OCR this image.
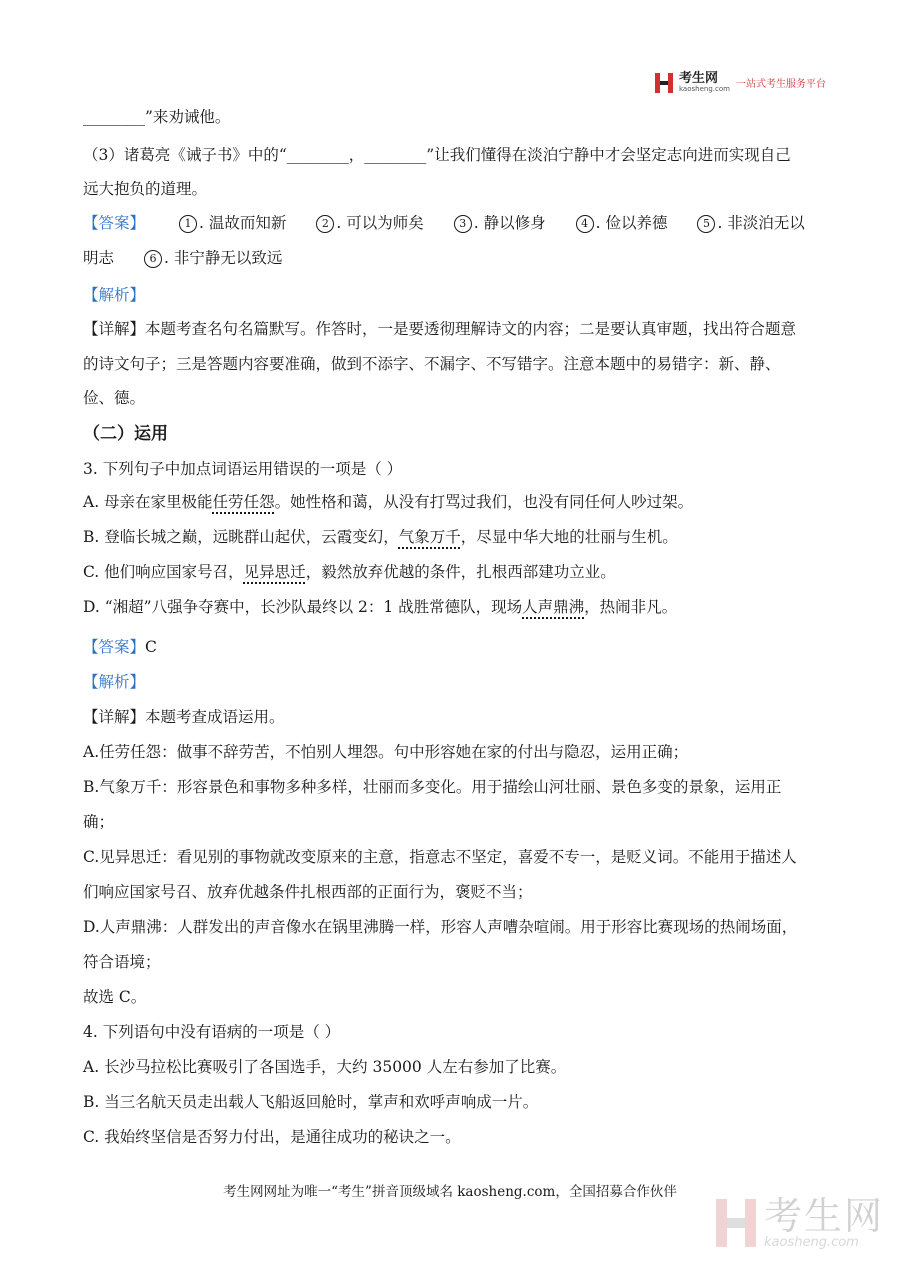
考生网
kaosheng.com 一站式考生服务平台
________”来劝诫他。
（3）诸葛亮《诫子书》中的“________，________”让我们懂得在淡泊宁静中才会坚定志向进而实现自己
远大抱负的道理。
【答案】	1 . 温故而知新	2 . 可以为师矣	3 . 静以修身	4 . 俭以养德	5 . 非淡泊无以
明志	6 . 非宁静无以致远
【解析】
【详解】本题考查名句名篇默写。作答时，一是要透彻理解诗文的内容；二是要认真审题，找出符合题意
的诗文句子；三是答题内容要准确，做到不添字、不漏字、不写错字。注意本题中的易错字：新、静、
俭、德。
（二）运用
3. 下列句子中加点词语运用错误的一项是（ ）
A. 母亲在家里极能任劳任怨。她性格和蔼，从没有打骂过我们，也没有同任何人吵过架。
B. 登临长城之巅，远眺群山起伏，云霞变幻，气象万千，尽显中华大地的壮丽与生机。
C. 他们响应国家号召，见异思迁，毅然放弃优越的条件，扎根西部建功立业。
D. “湘超”八强争夺赛中，长沙队最终以 2：1 战胜常德队，现场人声鼎沸，热闹非凡。
【答案】C
【解析】
【详解】本题考查成语运用。
A.任劳任怨：做事不辞劳苦，不怕别人埋怨。句中形容她在家的付出与隐忍，运用正确；
B.气象万千：形容景色和事物多种多样，壮丽而多变化。用于描绘山河壮丽、景色多变的景象，运用正
确；
C.见异思迁：看见别的事物就改变原来的主意，指意志不坚定，喜爱不专一，是贬义词。不能用于描述人
们响应国家号召、放弃优越条件扎根西部的正面行为，褒贬不当；
D.人声鼎沸：人群发出的声音像水在锅里沸腾一样，形容人声嘈杂喧闹。用于形容比赛现场的热闹场面，
符合语境；
故选 C。
4. 下列语句中没有语病的一项是（ ）
A. 长沙马拉松比赛吸引了各国选手，大约 35000 人左右参加了比赛。
B. 当三名航天员走出载人飞船返回舱时，掌声和欢呼声响成一片。
C. 我始终坚信是否努力付出，是通往成功的秘诀之一。
考生网网址为唯一“考生”拼音顶级域名 kaosheng.com，全国招募合作伙伴
考生网
kaosheng.com
